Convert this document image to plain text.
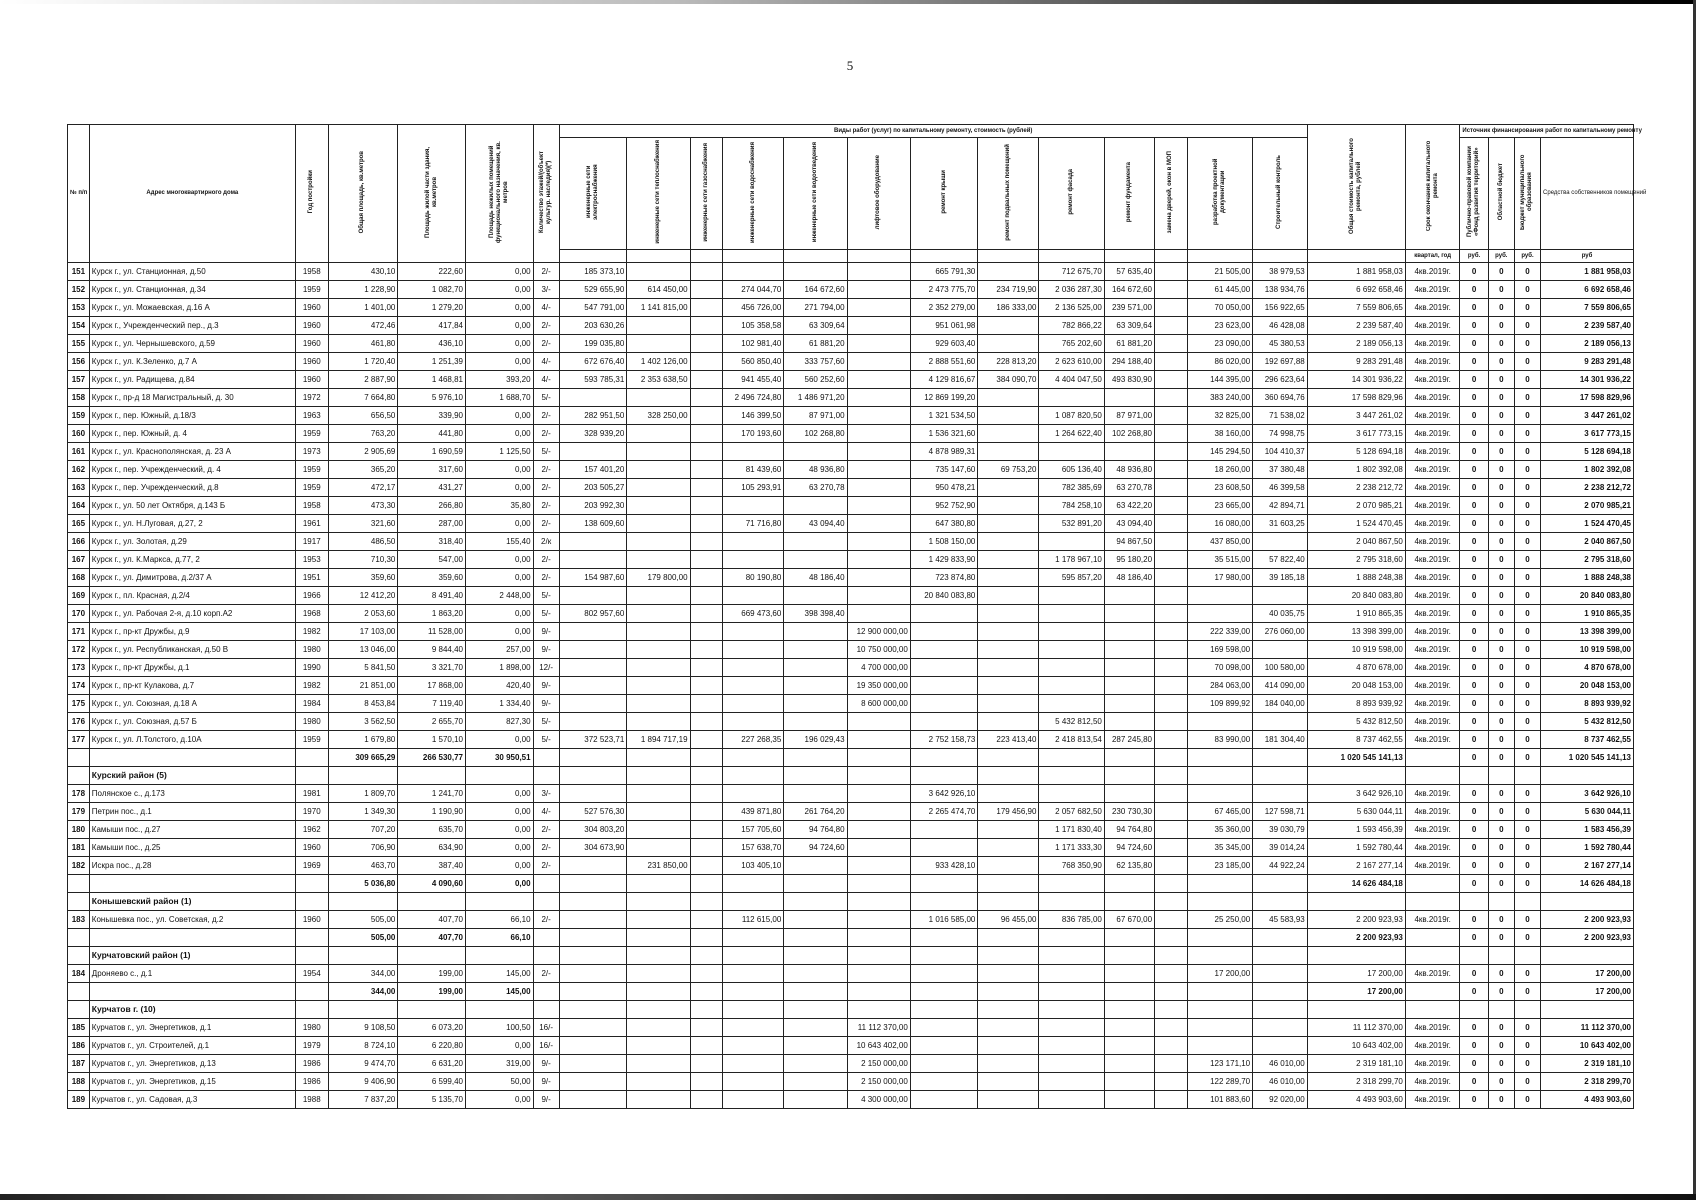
5
№ п/п	Адрес многоквартирного дома	Год постройки	Общая площадь, кв.метров	Площадь жилой части здания, кв.метров	Площадь нежилых помещений функционального назначения, кв. метров	Количество этажей/(объект культур. наследия)(*)	Виды работ (услуг) по капитальному ремонту, стоимость (рублей)													Общая стоимость капитального ремонта, рублей	Срок окончания капитального ремонта	Источник финансирования работ по капитальному ремонту			
							инженерные сети электроснабжения	инженерные сети теплоснабжения	инженерные сети газоснабжения	инженерные сети водоснабжения	инженерные сети водоотведения	лифтовое оборудование	ремонт крыши	ремонт подвальных помещений	ремонт фасада	ремонт фундамента	замена дверей, окон в МОП	разработка проектной документации	Строительный контроль			Публично-правовой компании «Фонд развития территорий»	Областной бюджет	Бюджет муниципального образования	Средства собственников помещений
																					квартал, год	руб.	руб.	руб.	руб
151	Курск г., ул. Станционная, д.50	1958	430,10	222,60	0,00	2/-	185 373,10						665 791,30		712 675,70	57 635,40		21 505,00	38 979,53	1 881 958,03	4кв.2019г.	0	0	0	1 881 958,03
152	Курск г., ул. Станционная, д.34	1959	1 228,90	1 082,70	0,00	3/-	529 655,90	614 450,00		274 044,70	164 672,60		2 473 775,70	234 719,90	2 036 287,30	164 672,60		61 445,00	138 934,76	6 692 658,46	4кв.2019г.	0	0	0	6 692 658,46
153	Курск г., ул. Можаевская, д.16 А	1960	1 401,00	1 279,20	0,00	4/-	547 791,00	1 141 815,00		456 726,00	271 794,00		2 352 279,00	186 333,00	2 136 525,00	239 571,00		70 050,00	156 922,65	7 559 806,65	4кв.2019г.	0	0	0	7 559 806,65
154	Курск г., Учрежденческий пер., д.3	1960	472,46	417,84	0,00	2/-	203 630,26			105 358,58	63 309,64		951 061,98		782 866,22	63 309,64		23 623,00	46 428,08	2 239 587,40	4кв.2019г.	0	0	0	2 239 587,40
155	Курск г., ул. Чернышевского, д.59	1960	461,80	436,10	0,00	2/-	199 035,80			102 981,40	61 881,20		929 603,40		765 202,60	61 881,20		23 090,00	45 380,53	2 189 056,13	4кв.2019г.	0	0	0	2 189 056,13
156	Курск г., ул. К.Зеленко, д.7 А	1960	1 720,40	1 251,39	0,00	4/-	672 676,40	1 402 126,00		560 850,40	333 757,60		2 888 551,60	228 813,20	2 623 610,00	294 188,40		86 020,00	192 697,88	9 283 291,48	4кв.2019г.	0	0	0	9 283 291,48
157	Курск г., ул. Радищева, д.84	1960	2 887,90	1 468,81	393,20	4/-	593 785,31	2 353 638,50		941 455,40	560 252,60		4 129 816,67	384 090,70	4 404 047,50	493 830,90		144 395,00	296 623,64	14 301 936,22	4кв.2019г.	0	0	0	14 301 936,22
158	Курск г., пр-д 18 Магистральный, д. 30	1972	7 664,80	5 976,10	1 688,70	5/-				2 496 724,80	1 486 971,20		12 869 199,20					383 240,00	360 694,76	17 598 829,96	4кв.2019г.	0	0	0	17 598 829,96
159	Курск г., пер. Южный, д.18/3	1963	656,50	339,90	0,00	2/-	282 951,50	328 250,00		146 399,50	87 971,00		1 321 534,50		1 087 820,50	87 971,00		32 825,00	71 538,02	3 447 261,02	4кв.2019г.	0	0	0	3 447 261,02
160	Курск г., пер. Южный, д. 4	1959	763,20	441,80	0,00	2/-	328 939,20			170 193,60	102 268,80		1 536 321,60		1 264 622,40	102 268,80		38 160,00	74 998,75	3 617 773,15	4кв.2019г.	0	0	0	3 617 773,15
161	Курск г., ул. Краснополянская, д. 23 А	1973	2 905,69	1 690,59	1 125,50	5/-							4 878 989,31					145 294,50	104 410,37	5 128 694,18	4кв.2019г.	0	0	0	5 128 694,18
162	Курск г., пер. Учрежденческий, д. 4	1959	365,20	317,60	0,00	2/-	157 401,20			81 439,60	48 936,80		735 147,60	69 753,20	605 136,40	48 936,80		18 260,00	37 380,48	1 802 392,08	4кв.2019г.	0	0	0	1 802 392,08
163	Курск г., пер. Учрежденческий, д.8	1959	472,17	431,27	0,00	2/-	203 505,27			105 293,91	63 270,78		950 478,21		782 385,69	63 270,78		23 608,50	46 399,58	2 238 212,72	4кв.2019г.	0	0	0	2 238 212,72
164	Курск г., ул. 50 лет Октября, д.143 Б	1958	473,30	266,80	35,80	2/-	203 992,30						952 752,90		784 258,10	63 422,20		23 665,00	42 894,71	2 070 985,21	4кв.2019г.	0	0	0	2 070 985,21
165	Курск г., ул. Н.Луговая, д.27, 2	1961	321,60	287,00	0,00	2/-	138 609,60			71 716,80	43 094,40		647 380,80		532 891,20	43 094,40		16 080,00	31 603,25	1 524 470,45	4кв.2019г.	0	0	0	1 524 470,45
166	Курск г., ул. Золотая, д.29	1917	486,50	318,40	155,40	2/к							1 508 150,00			94 867,50		437 850,00		2 040 867,50	4кв.2019г.	0	0	0	2 040 867,50
167	Курск г., ул. К.Маркса, д.77, 2	1953	710,30	547,00	0,00	2/-							1 429 833,90		1 178 967,10	95 180,20		35 515,00	57 822,40	2 795 318,60	4кв.2019г.	0	0	0	2 795 318,60
168	Курск г., ул. Димитрова, д.2/37 А	1951	359,60	359,60	0,00	2/-	154 987,60	179 800,00		80 190,80	48 186,40		723 874,80		595 857,20	48 186,40		17 980,00	39 185,18	1 888 248,38	4кв.2019г.	0	0	0	1 888 248,38
169	Курск г., пл. Красная, д.2/4	1966	12 412,20	8 491,40	2 448,00	5/-							20 840 083,80							20 840 083,80	4кв.2019г.	0	0	0	20 840 083,80
170	Курск г., ул. Рабочая 2-я, д.10 корп.А2	1968	2 053,60	1 863,20	0,00	5/-	802 957,60			669 473,60	398 398,40								40 035,75	1 910 865,35	4кв.2019г.	0	0	0	1 910 865,35
171	Курск г., пр-кт Дружбы, д.9	1982	17 103,00	11 528,00	0,00	9/-						12 900 000,00						222 339,00	276 060,00	13 398 399,00	4кв.2019г.	0	0	0	13 398 399,00
172	Курск г., ул. Республиканская, д.50 В	1980	13 046,00	9 844,40	257,00	9/-						10 750 000,00						169 598,00		10 919 598,00	4кв.2019г.	0	0	0	10 919 598,00
173	Курск г., пр-кт Дружбы, д.1	1990	5 841,50	3 321,70	1 898,00	12/-						4 700 000,00						70 098,00	100 580,00	4 870 678,00	4кв.2019г.	0	0	0	4 870 678,00
174	Курск г., пр-кт Кулакова, д.7	1982	21 851,00	17 868,00	420,40	9/-						19 350 000,00						284 063,00	414 090,00	20 048 153,00	4кв.2019г.	0	0	0	20 048 153,00
175	Курск г., ул. Союзная, д.18 А	1984	8 453,84	7 119,40	1 334,40	9/-						8 600 000,00						109 899,92	184 040,00	8 893 939,92	4кв.2019г.	0	0	0	8 893 939,92
176	Курск г., ул. Союзная, д.57 Б	1980	3 562,50	2 655,70	827,30	5/-									5 432 812,50					5 432 812,50	4кв.2019г.	0	0	0	5 432 812,50
177	Курск г., ул. Л.Толстого, д.10А	1959	1 679,80	1 570,10	0,00	5/-	372 523,71	1 894 717,19		227 268,35	196 029,43		2 752 158,73	223 413,40	2 418 813,54	287 245,80		83 990,00	181 304,40	8 737 462,55	4кв.2019г.	0	0	0	8 737 462,55
			309 665,29	266 530,77	30 950,51															1 020 545 141,13		0	0	0	1 020 545 141,13
	Курский район (5)																								
178	Полянское с., д.173	1981	1 809,70	1 241,70	0,00	3/-							3 642 926,10							3 642 926,10	4кв.2019г.	0	0	0	3 642 926,10
179	Петрин пос., д.1	1970	1 349,30	1 190,90	0,00	4/-	527 576,30			439 871,80	261 764,20		2 265 474,70	179 456,90	2 057 682,50	230 730,30		67 465,00	127 598,71	5 630 044,11	4кв.2019г.	0	0	0	5 630 044,11
180	Камыши пос., д.27	1962	707,20	635,70	0,00	2/-	304 803,20			157 705,60	94 764,80				1 171 830,40	94 764,80		35 360,00	39 030,79	1 593 456,39	4кв.2019г.	0	0	0	1 583 456,39
181	Камыши пос., д.25	1960	706,90	634,90	0,00	2/-	304 673,90			157 638,70	94 724,60				1 171 333,30	94 724,60		35 345,00	39 014,24	1 592 780,44	4кв.2019г.	0	0	0	1 592 780,44
182	Искра пос., д.28	1969	463,70	387,40	0,00	2/-		231 850,00		103 405,10			933 428,10		768 350,90	62 135,80		23 185,00	44 922,24	2 167 277,14	4кв.2019г.	0	0	0	2 167 277,14
			5 036,80	4 090,60	0,00															14 626 484,18		0	0	0	14 626 484,18
	Конышевский район (1)																								
183	Конышевка пос., ул. Советская, д.2	1960	505,00	407,70	66,10	2/-				112 615,00			1 016 585,00	96 455,00	836 785,00	67 670,00		25 250,00	45 583,93	2 200 923,93	4кв.2019г.	0	0	0	2 200 923,93
			505,00	407,70	66,10															2 200 923,93		0	0	0	2 200 923,93
	Курчатовский район (1)																								
184	Дроняево с., д.1	1954	344,00	199,00	145,00	2/-												17 200,00		17 200,00	4кв.2019г.	0	0	0	17 200,00
			344,00	199,00	145,00															17 200,00		0	0	0	17 200,00
	Курчатов г. (10)																								
185	Курчатов г., ул. Энергетиков, д.1	1980	9 108,50	6 073,20	100,50	16/-						11 112 370,00								11 112 370,00	4кв.2019г.	0	0	0	11 112 370,00
186	Курчатов г., ул. Строителей, д.1	1979	8 724,10	6 220,80	0,00	16/-						10 643 402,00								10 643 402,00	4кв.2019г.	0	0	0	10 643 402,00
187	Курчатов г., ул. Энергетиков, д.13	1986	9 474,70	6 631,20	319,00	9/-						2 150 000,00						123 171,10	46 010,00	2 319 181,10	4кв.2019г.	0	0	0	2 319 181,10
188	Курчатов г., ул. Энергетиков, д.15	1986	9 406,90	6 599,40	50,00	9/-						2 150 000,00						122 289,70	46 010,00	2 318 299,70	4кв.2019г.	0	0	0	2 318 299,70
189	Курчатов г., ул. Садовая, д.3	1988	7 837,20	5 135,70	0,00	9/-						4 300 000,00						101 883,60	92 020,00	4 493 903,60	4кв.2019г.	0	0	0	4 493 903,60
